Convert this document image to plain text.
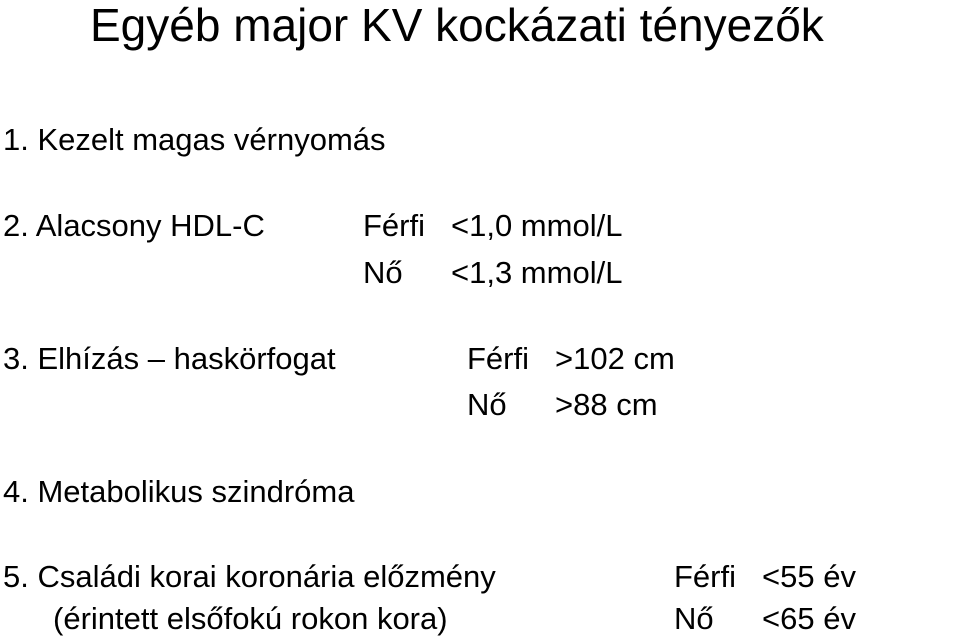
Egyéb major KV kockázati tényezők
1. Kezelt magas vérnyomás
2. Alacsony HDL-C	Férfi <1,0 mmol/L
Nő <1,3 mmol/L
3. Elhízás – haskörfogat	Férfi >102 cm
Nő >88 cm
4. Metabolikus szindróma
5. Családi korai koronária előzmény
(érintett elsőfokú rokon kora)
Férfi <55 év
Nő <65 év
